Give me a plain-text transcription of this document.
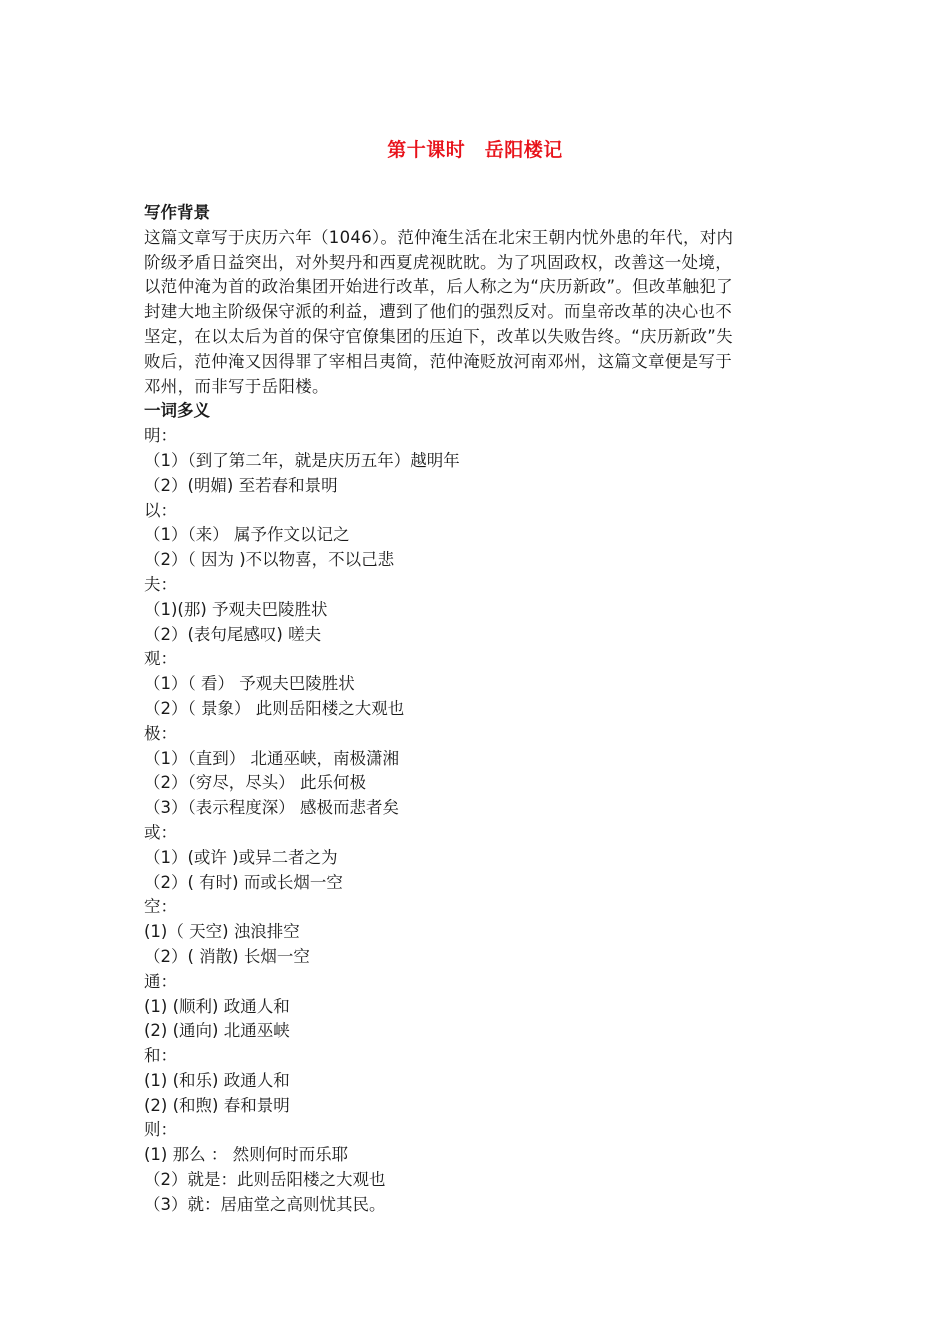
第十课时　岳阳楼记

写作背景

这篇文章写于庆历六年（1046）。范仲淹生活在北宋王朝内忧外患的年代，对内

阶级矛盾日益突出，对外契丹和西夏虎视眈眈。为了巩固政权，改善这一处境，

以范仲淹为首的政治集团开始进行改革，后人称之为“庆历新政”。但改革触犯了

封建大地主阶级保守派的利益，遭到了他们的强烈反对。而皇帝改革的决心也不

坚定，在以太后为首的保守官僚集团的压迫下，改革以失败告终。“庆历新政”失

败后，范仲淹又因得罪了宰相吕夷简，范仲淹贬放河南邓州，这篇文章便是写于

邓州，而非写于岳阳楼。

一词多义

明：

（1）（到了第二年，就是庆历五年）越明年

（2）(明媚) 至若春和景明

以：

（1）（来） 属予作文以记之

（2）（ 因为 )不以物喜，不以己悲

夫：

（1)(那) 予观夫巴陵胜状

（2）(表句尾感叹) 嗟夫

观：

（1）（ 看） 予观夫巴陵胜状

（2）（ 景象） 此则岳阳楼之大观也

极：

（1）（直到） 北通巫峡，南极潇湘

（2）（穷尽，尽头） 此乐何极

（3）（表示程度深） 感极而悲者矣

或：

（1）(或许 )或异二者之为

（2）( 有时) 而或长烟一空

空：

(1)（ 天空) 浊浪排空

（2）( 消散) 长烟一空

通：

(1) (顺利) 政通人和

(2) (通向) 北通巫峡

和：

(1) (和乐) 政通人和

(2) (和煦) 春和景明

则：

(1) 那么 ： 然则何时而乐耶

（2）就是：此则岳阳楼之大观也

（3）就：居庙堂之高则忧其民。
